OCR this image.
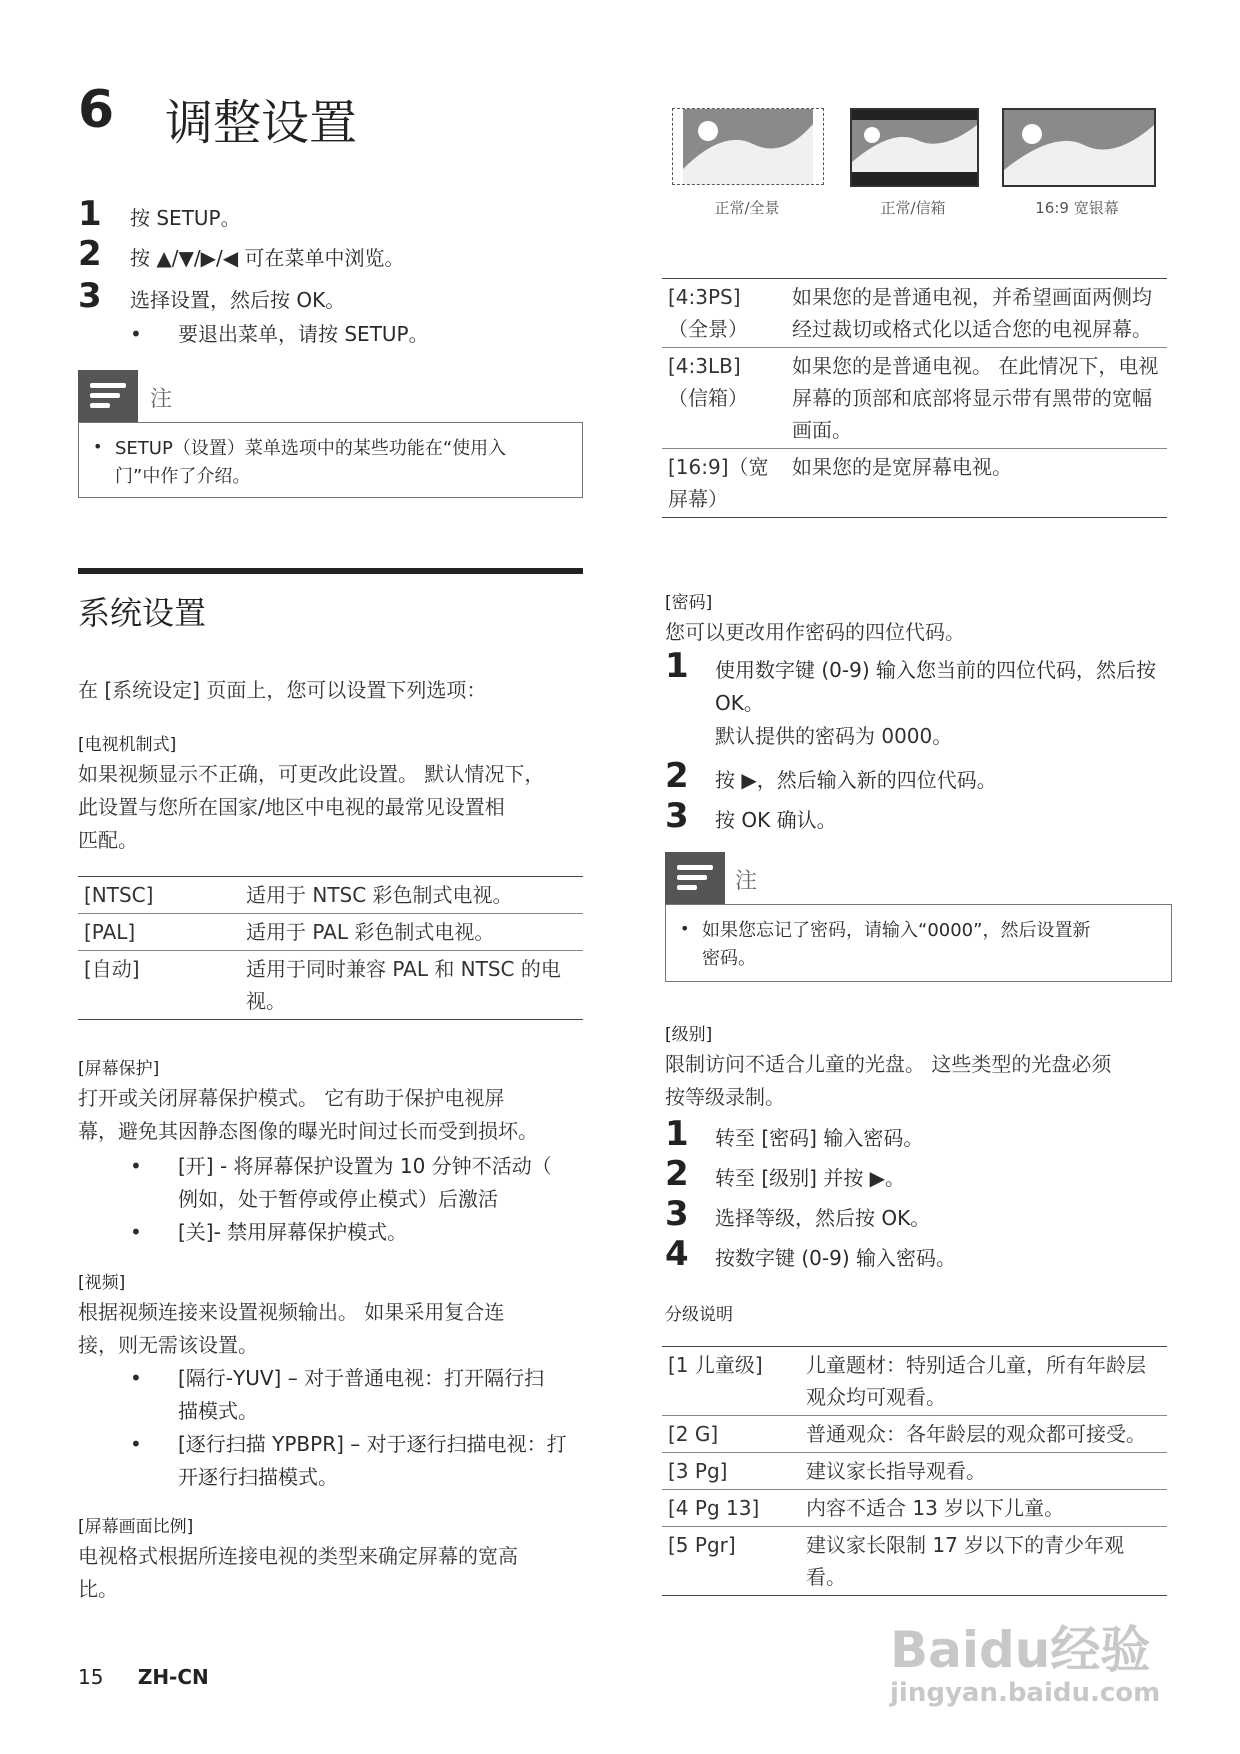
6 调整设置
1 按 SETUP。
2 按 ▲/▼/▶/◀ 可在菜单中浏览。
3 选择设置，然后按 OK。
• 要退出菜单，请按 SETUP。
• SETUP（设置）菜单选项中的某些功能在“使用入
门”中作了介绍。
注
系统设置
在 [系统设定] 页面上，您可以设置下列选项：
[电视机制式]
如果视频显示不正确，可更改此设置。 默认情况下，
此设置与您所在国家/地区中电视的最常见设置相
匹配。
[NTSC]	适用于 NTSC 彩色制式电视。
[PAL]	适用于 PAL 彩色制式电视。
[自动]	适用于同时兼容 PAL 和 NTSC 的电视。
[屏幕保护]
打开或关闭屏幕保护模式。 它有助于保护电视屏
幕，避免其因静态图像的曝光时间过长而受到损坏。
• [开] - 将屏幕保护设置为 10 分钟不活动（
例如，处于暂停或停止模式）后激活
• [关]- 禁用屏幕保护模式。
[视频]
根据视频连接来设置视频输出。 如果采用复合连
接，则无需该设置。
• [隔行-YUV] – 对于普通电视：打开隔行扫
描模式。
• [逐行扫描 YPBPR] – 对于逐行扫描电视：打
开逐行扫描模式。
[屏幕画面比例]
电视格式根据所连接电视的类型来确定屏幕的宽高
比。
正常/全景	正常/信箱	16:9 宽银幕
[4:3PS]（全景）	如果您的是普通电视，并希望画面两侧均经过裁切或格式化以适合您的电视屏幕。
[4:3LB]（信箱）	如果您的是普通电视。 在此情况下，电视屏幕的顶部和底部将显示带有黑带的宽幅画面。
[16:9]（宽屏幕）	如果您的是宽屏幕电视。
[密码]
您可以更改用作密码的四位代码。
1 使用数字键 (0-9) 输入您当前的四位代码，然后按 OK。
默认提供的密码为 0000。
2 按 ▶，然后输入新的四位代码。
3 按 OK 确认。
• 如果您忘记了密码，请输入“0000”，然后设置新
密码。
注
[级别]
限制访问不适合儿童的光盘。 这些类型的光盘必须
按等级录制。
1 转至 [密码] 输入密码。
2 转至 [级别] 并按 ▶。
3 选择等级，然后按 OK。
4 按数字键 (0-9) 输入密码。
分级说明
[1 儿童级]	儿童题材：特别适合儿童，所有年龄层观众均可观看。
[2 G]	普通观众：各年龄层的观众都可接受。
[3 Pg]	建议家长指导观看。
[4 Pg 13]	内容不适合 13 岁以下儿童。
[5 Pgr]	建议家长限制 17 岁以下的青少年观看。
15 ZH-CN	Baidu经验
jingyan.baidu.com
